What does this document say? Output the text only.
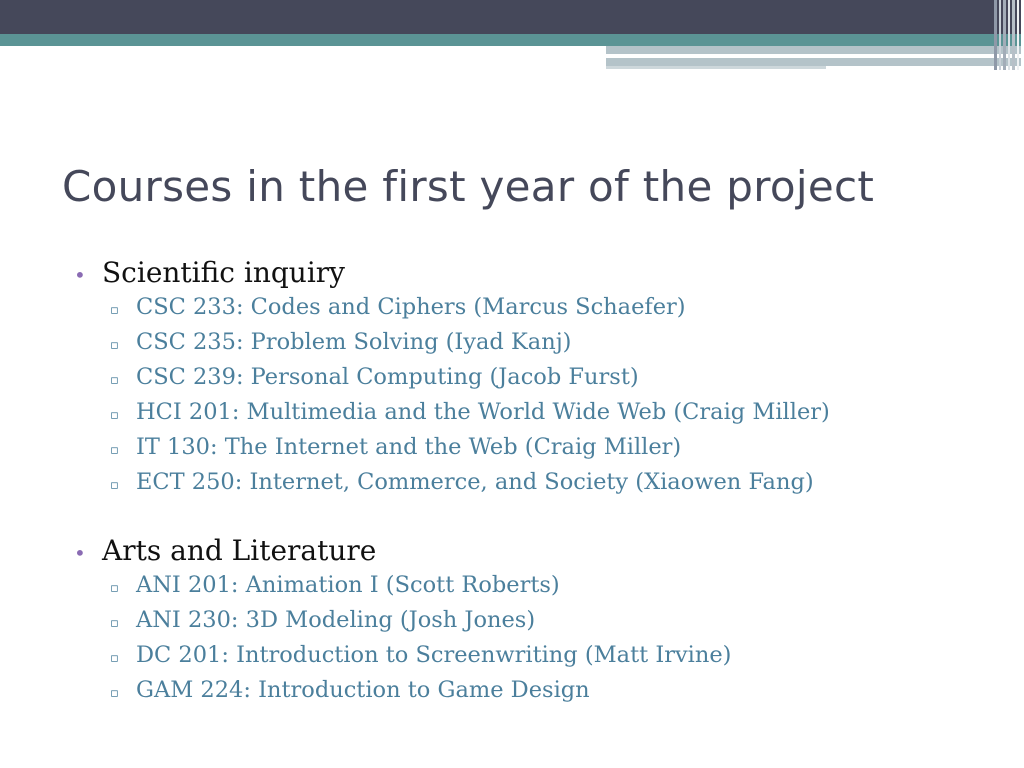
Courses in the first year of the project
• Scientific inquiry
▫ CSC 233: Codes and Ciphers (Marcus Schaefer)
▫ CSC 235: Problem Solving (Iyad Kanj)
▫ CSC 239: Personal Computing (Jacob Furst)
▫ HCI 201: Multimedia and the World Wide Web (Craig Miller)
▫ IT 130: The Internet and the Web (Craig Miller)
▫ ECT 250: Internet, Commerce, and Society (Xiaowen Fang)
• Arts and Literature
▫ ANI 201: Animation I (Scott Roberts)
▫ ANI 230: 3D Modeling (Josh Jones)
▫ DC 201: Introduction to Screenwriting (Matt Irvine)
▫ GAM 224: Introduction to Game Design
